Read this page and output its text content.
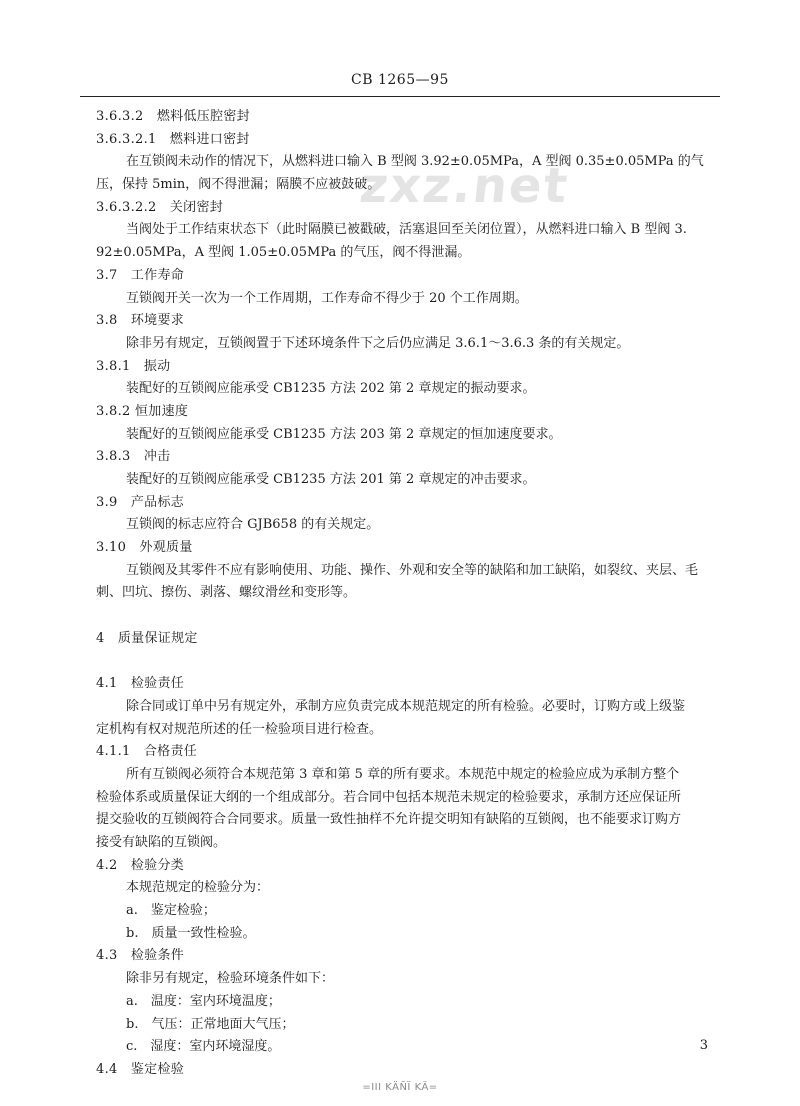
CB 1265—95
zxz.net
3.6.3.2　燃料低压腔密封
3.6.3.2.1　燃料进口密封
在互锁阀未动作的情况下，从燃料进口输入 B 型阀 3.92±0.05MPa，A 型阀 0.35±0.05MPa 的气
压，保持 5min，阀不得泄漏；隔膜不应被鼓破。
3.6.3.2.2　关闭密封
当阀处于工作结束状态下（此时隔膜已被戳破，活塞退回至关闭位置），从燃料进口输入 B 型阀 3.
92±0.05MPa，A 型阀 1.05±0.05MPa 的气压，阀不得泄漏。
3.7　工作寿命
互锁阀开关一次为一个工作周期，工作寿命不得少于 20 个工作周期。
3.8　环境要求
除非另有规定，互锁阀置于下述环境条件下之后仍应满足 3.6.1～3.6.3 条的有关规定。
3.8.1　振动
装配好的互锁阀应能承受 CB1235 方法 202 第 2 章规定的振动要求。
3.8.2 恒加速度
装配好的互锁阀应能承受 CB1235 方法 203 第 2 章规定的恒加速度要求。
3.8.3　冲击
装配好的互锁阀应能承受 CB1235 方法 201 第 2 章规定的冲击要求。
3.9　产品标志
互锁阀的标志应符合 GJB658 的有关规定。
3.10　外观质量
互锁阀及其零件不应有影响使用、功能、操作、外观和安全等的缺陷和加工缺陷，如裂纹、夹层、毛
刺、凹坑、擦伤、剥落、螺纹滑丝和变形等。
4　质量保证规定
4.1　检验责任
除合同或订单中另有规定外，承制方应负责完成本规范规定的所有检验。必要时，订购方或上级鉴
定机构有权对规范所述的任一检验项目进行检查。
4.1.1　合格责任
所有互锁阀必须符合本规范第 3 章和第 5 章的所有要求。本规范中规定的检验应成为承制方整个
检验体系或质量保证大纲的一个组成部分。若合同中包括本规范未规定的检验要求，承制方还应保证所
提交验收的互锁阀符合合同要求。质量一致性抽样不允许提交明知有缺陷的互锁阀，也不能要求订购方
接受有缺陷的互锁阀。
4.2　检验分类
本规范规定的检验分为：
a.　鉴定检验；
b.　质量一致性检验。
4.3　检验条件
除非另有规定，检验环境条件如下：
a.　温度：室内环境温度；
b.　气压：正常地面大气压；
c.　湿度：室内环境湿度。
4.4　鉴定检验
3
=ΙΙΙ KÄÑÏ KÄ=
